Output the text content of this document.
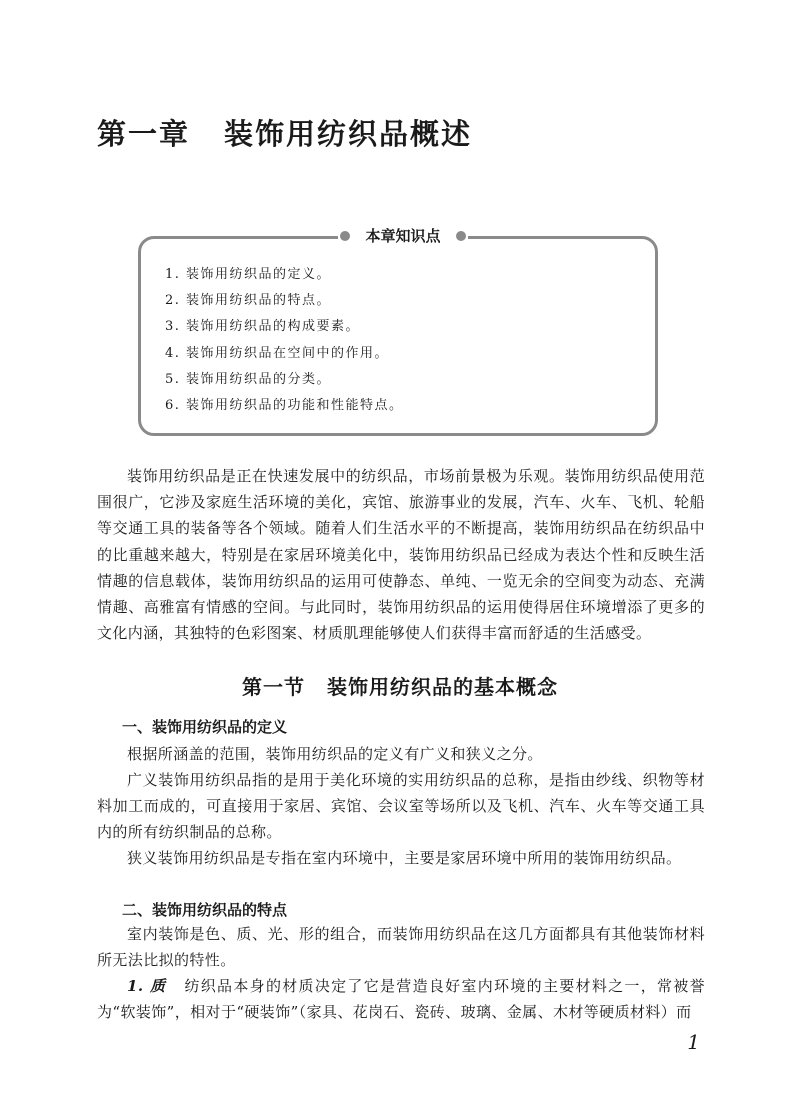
第一章 装饰用纺织品概述
本章知识点
1. 装饰用纺织品的定义。
2. 装饰用纺织品的特点。
3. 装饰用纺织品的构成要素。
4. 装饰用纺织品在空间中的作用。
5. 装饰用纺织品的分类。
6. 装饰用纺织品的功能和性能特点。

装饰用纺织品是正在快速发展中的纺织品，市场前景极为乐观。装饰用纺织品使用范围很广，它涉及家庭生活环境的美化，宾馆、旅游事业的发展，汽车、火车、飞机、轮船等交通工具的装备等各个领域。随着人们生活水平的不断提高，装饰用纺织品在纺织品中的比重越来越大，特别是在家居环境美化中，装饰用纺织品已经成为表达个性和反映生活情趣的信息载体，装饰用纺织品的运用可使静态、单纯、一览无余的空间变为动态、充满情趣、高雅富有情感的空间。与此同时，装饰用纺织品的运用使得居住环境增添了更多的文化内涵，其独特的色彩图案、材质肌理能够使人们获得丰富而舒适的生活感受。

第一节 装饰用纺织品的基本概念
一、装饰用纺织品的定义

根据所涵盖的范围，装饰用纺织品的定义有广义和狭义之分。

广义装饰用纺织品指的是用于美化环境的实用纺织品的总称，是指由纱线、织物等材料加工而成的，可直接用于家居、宾馆、会议室等场所以及飞机、汽车、火车等交通工具内的所有纺织制品的总称。

狭义装饰用纺织品是专指在室内环境中，主要是家居环境中所用的装饰用纺织品。

二、装饰用纺织品的特点

室内装饰是色、质、光、形的组合，而装饰用纺织品在这几方面都具有其他装饰材料所无法比拟的特性。

1. 质 纺织品本身的材质决定了它是营造良好室内环境的主要材料之一，常被誉为“软装饰”，相对于“硬装饰”（家具、花岗石、瓷砖、玻璃、金属、木材等硬质材料）而

1
